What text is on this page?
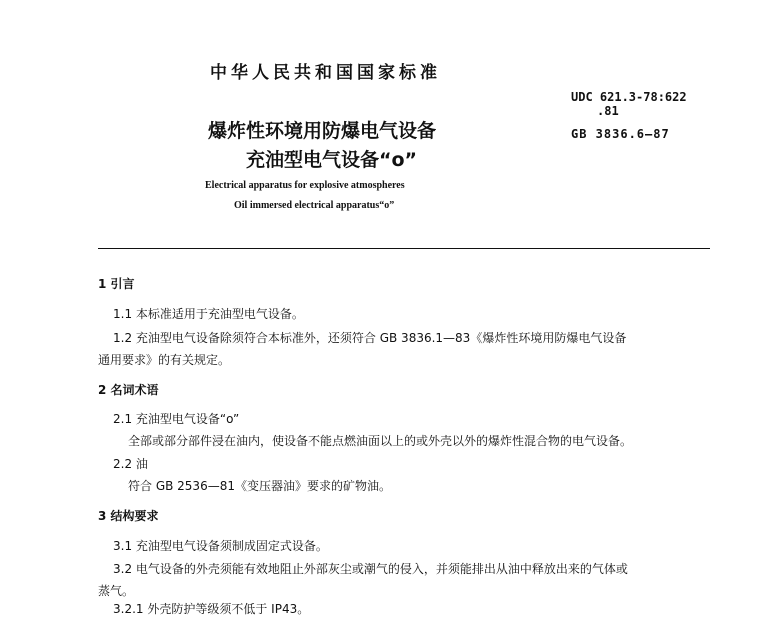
中华人民共和国国家标准
爆炸性环境用防爆电气设备
充油型电气设备“o”
UDC 621.3-78:622
.81
GB 3836.6—87
Electrical apparatus for explosive atmospheres
Oil immersed electrical apparatus“o”
1 引言
1.1 本标准适用于充油型电气设备。
1.2 充油型电气设备除须符合本标准外，还须符合 GB 3836.1—83《爆炸性环境用防爆电气设备
通用要求》的有关规定。
2 名词术语
2.1 充油型电气设备“o”
全部或部分部件浸在油内，使设备不能点燃油面以上的或外壳以外的爆炸性混合物的电气设备。
2.2 油
符合 GB 2536—81《变压器油》要求的矿物油。
3 结构要求
3.1 充油型电气设备须制成固定式设备。
3.2 电气设备的外壳须能有效地阻止外部灰尘或潮气的侵入，并须能排出从油中释放出来的气体或
蒸气。
3.2.1 外壳防护等级须不低于 IP43。
